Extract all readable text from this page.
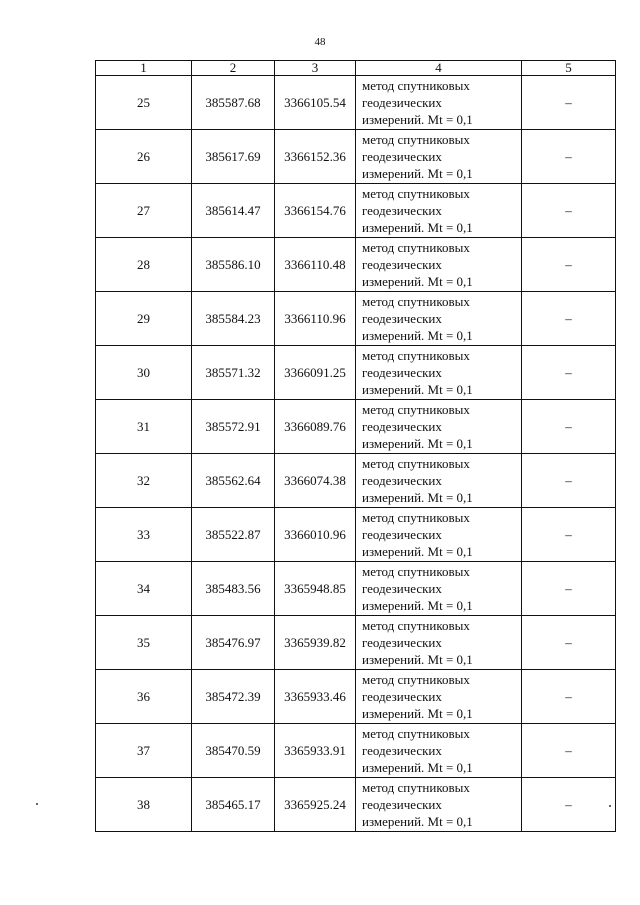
48
1	2	3	4	5
25	385587.68	3366105.54	метод спутниковых
геодезических
измерений. Mt = 0,1	–
26	385617.69	3366152.36	метод спутниковых
геодезических
измерений. Mt = 0,1	–
27	385614.47	3366154.76	метод спутниковых
геодезических
измерений. Mt = 0,1	–
28	385586.10	3366110.48	метод спутниковых
геодезических
измерений. Mt = 0,1	–
29	385584.23	3366110.96	метод спутниковых
геодезических
измерений. Mt = 0,1	–
30	385571.32	3366091.25	метод спутниковых
геодезических
измерений. Mt = 0,1	–
31	385572.91	3366089.76	метод спутниковых
геодезических
измерений. Mt = 0,1	–
32	385562.64	3366074.38	метод спутниковых
геодезических
измерений. Mt = 0,1	–
33	385522.87	3366010.96	метод спутниковых
геодезических
измерений. Mt = 0,1	–
34	385483.56	3365948.85	метод спутниковых
геодезических
измерений. Mt = 0,1	–
35	385476.97	3365939.82	метод спутниковых
геодезических
измерений. Mt = 0,1	–
36	385472.39	3365933.46	метод спутниковых
геодезических
измерений. Mt = 0,1	–
37	385470.59	3365933.91	метод спутниковых
геодезических
измерений. Mt = 0,1	–
38	385465.17	3365925.24	метод спутниковых
геодезических
измерений. Mt = 0,1	–
